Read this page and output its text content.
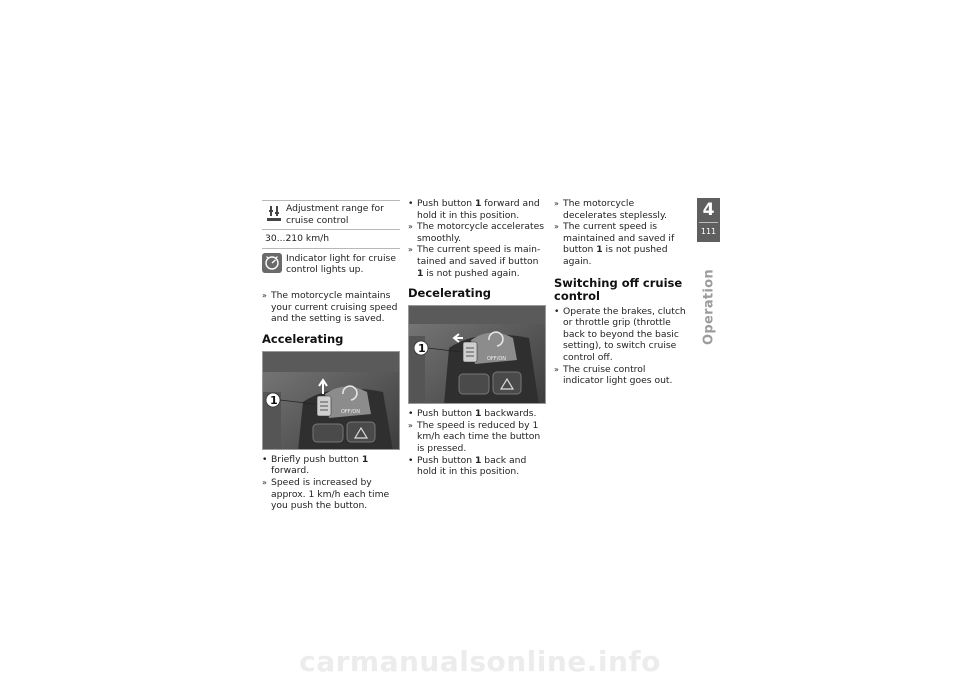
Adjustment range for cruise control
30...210 km/h
Indicator light for cruise control lights up.
»
The motorcycle maintains your current cruising speed and the setting is saved.
Accelerating
OFF/ON
1
•
Briefly push button 1 forward.
»
Speed is increased by approx. 1 km/h each time you push the button.
•
Push button 1 forward and hold it in this position.
»
The motorcycle accelerates smoothly.
»
The current speed is maintained and saved if button 1 is not pushed again.
Decelerating
OFF/ON
1
•
Push button 1 backwards.
»
The speed is reduced by 1 km/h each time the button is pressed.
•
Push button 1 back and hold it in this position.
»
The motorcycle decelerates steplessly.
»
The current speed is maintained and saved if button 1 is not pushed again.
Switching off cruise control
•
Operate the brakes, clutch or throttle grip (throttle back to beyond the basic setting), to switch cruise control off.
»
The cruise control indicator light goes out.
4
111
Operation
carmanualsonline.info
